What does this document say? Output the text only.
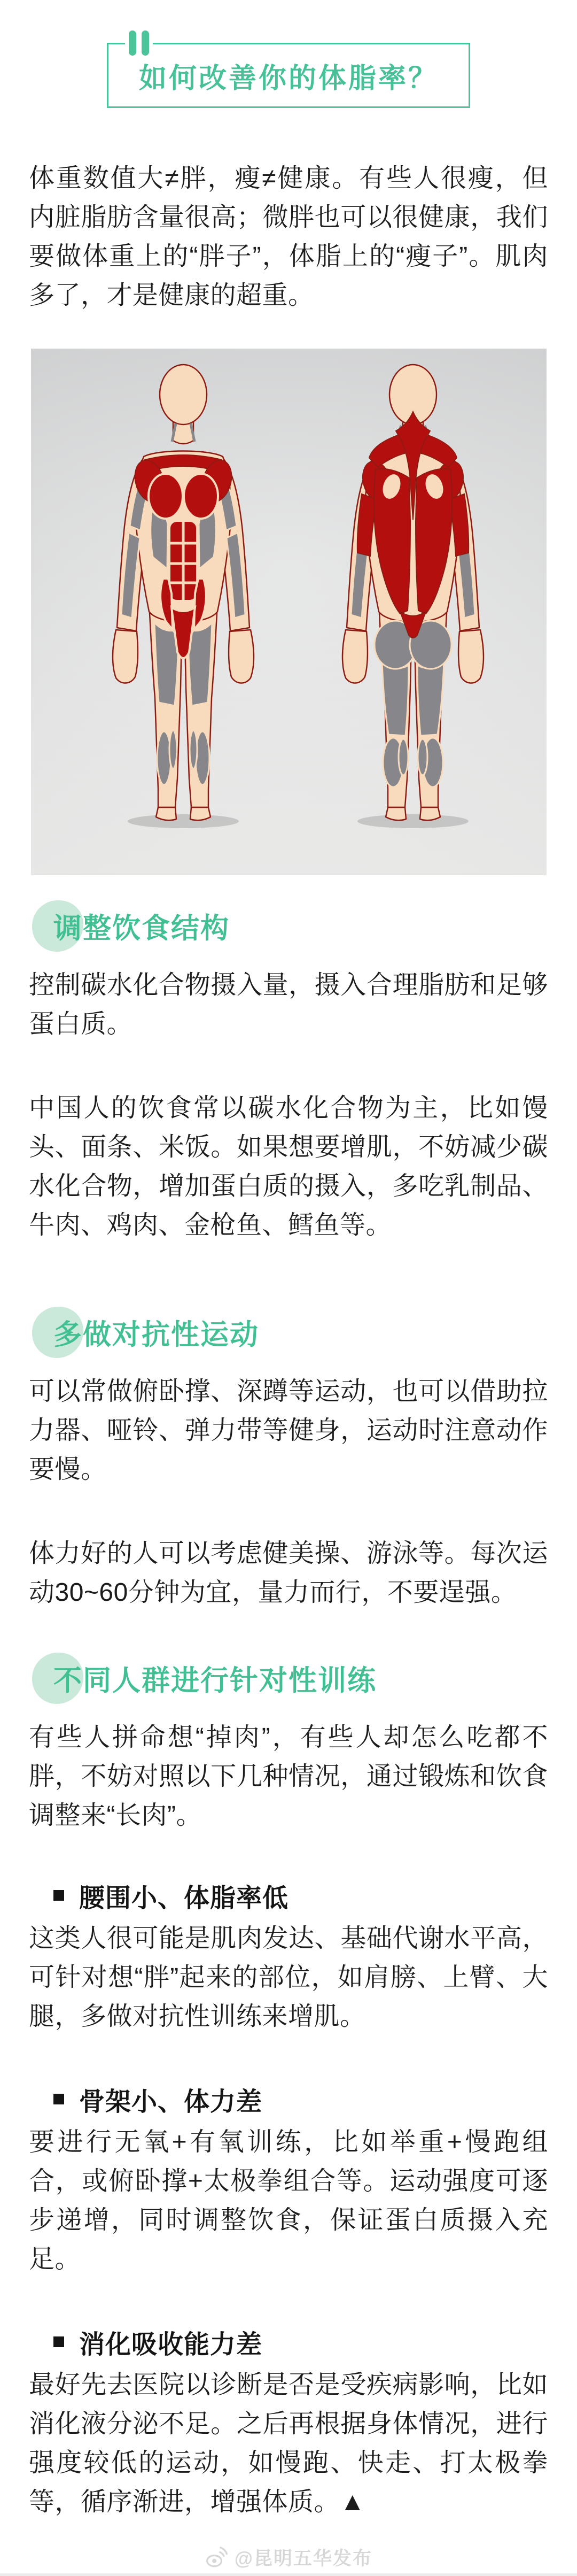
如何改善你的体脂率？

体重数值大≠胖，瘦≠健康。有些人很瘦，但内脏脂肪含量很高；微胖也可以很健康，我们要做体重上的“胖子”，体脂上的“瘦子”。肌肉多了，才是健康的超重。

调整饮食结构

控制碳水化合物摄入量，摄入合理脂肪和足够蛋白质。

中国人的饮食常以碳水化合物为主，比如馒头、面条、米饭。如果想要增肌，不妨减少碳水化合物，增加蛋白质的摄入，多吃乳制品、牛肉、鸡肉、金枪鱼、鳕鱼等。

多做对抗性运动

可以常做俯卧撑、深蹲等运动，也可以借助拉力器、哑铃、弹力带等健身，运动时注意动作要慢。

体力好的人可以考虑健美操、游泳等。每次运动30~60分钟为宜，量力而行，不要逞强。

不同人群进行针对性训练

有些人拼命想“掉肉”，有些人却怎么吃都不胖，不妨对照以下几种情况，通过锻炼和饮食调整来“长肉”。

腰围小、体脂率低

这类人很可能是肌肉发达、基础代谢水平高，可针对想“胖”起来的部位，如肩膀、上臂、大腿，多做对抗性训练来增肌。

骨架小、体力差

要进行无氧+有氧训练，比如举重+慢跑组合，或俯卧撑+太极拳组合等。运动强度可逐步递增，同时调整饮食，保证蛋白质摄入充足。

消化吸收能力差

最好先去医院以诊断是否是受疾病影响，比如消化液分泌不足。之后再根据身体情况，进行强度较低的运动，如慢跑、快走、打太极拳等，循序渐进，增强体质。▲

@昆明五华发布
